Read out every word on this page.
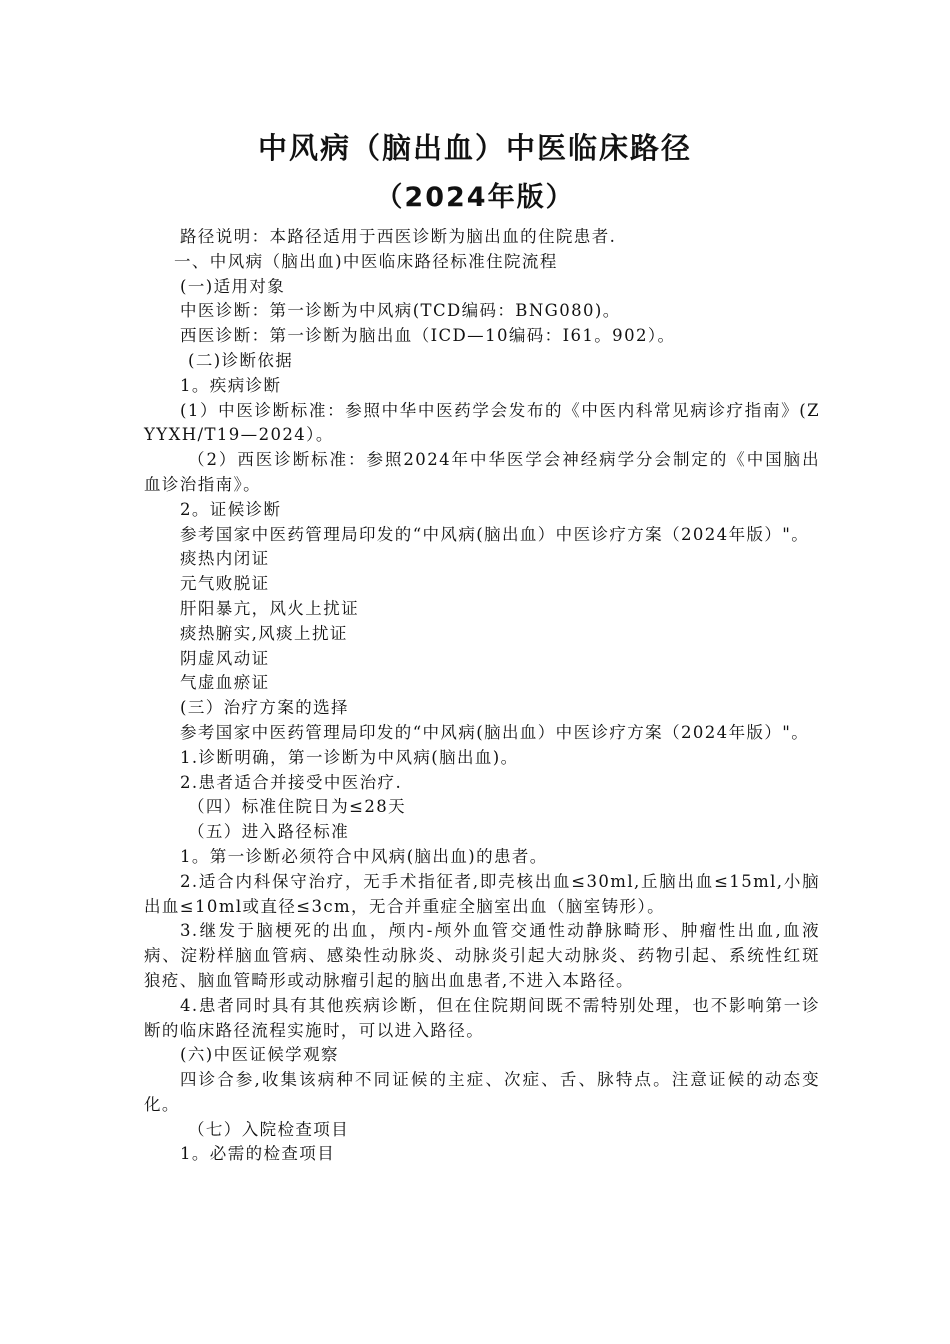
中风病（脑出血）中医临床路径
（2024年版）

路径说明：本路径适用于西医诊断为脑出血的住院患者.

一、中风病（脑出血)中医临床路径标准住院流程

(一)适用对象

中医诊断：第一诊断为中风病(TCD编码：BNG080)。

西医诊断：第一诊断为脑出血（ICD—10编码：I61。902）。

(二)诊断依据

1。疾病诊断

(1）中医诊断标准：参照中华中医药学会发布的《中医内科常见病诊疗指南》(ZYYXH/T19—2024）。

（2）西医诊断标准：参照2024年中华医学会神经病学分会制定的《中国脑出血诊治指南》。

2。证候诊断

参考国家中医药管理局印发的“中风病(脑出血）中医诊疗方案（2024年版）"。

痰热内闭证

元气败脱证

肝阳暴亢，风火上扰证

痰热腑实,风痰上扰证

阴虚风动证

气虚血瘀证

(三）治疗方案的选择

参考国家中医药管理局印发的“中风病(脑出血）中医诊疗方案（2024年版）"。

1.诊断明确，第一诊断为中风病(脑出血)。

2.患者适合并接受中医治疗.

（四）标准住院日为≤28天

（五）进入路径标准

1。第一诊断必须符合中风病(脑出血)的患者。

2.适合内科保守治疗，无手术指征者,即壳核出血≤30ml,丘脑出血≤15ml,小脑出血≤10ml或直径≤3cm，无合并重症全脑室出血（脑室铸形）。

3.继发于脑梗死的出血，颅内-颅外血管交通性动静脉畸形、肿瘤性出血,血液病、淀粉样脑血管病、感染性动脉炎、动脉炎引起大动脉炎、药物引起、系统性红斑狼疮、脑血管畸形或动脉瘤引起的脑出血患者,不进入本路径。

4.患者同时具有其他疾病诊断，但在住院期间既不需特别处理，也不影响第一诊断的临床路径流程实施时，可以进入路径。

(六)中医证候学观察

四诊合参,收集该病种不同证候的主症、次症、舌、脉特点。注意证候的动态变化。

（七）入院检查项目

1。必需的检查项目
